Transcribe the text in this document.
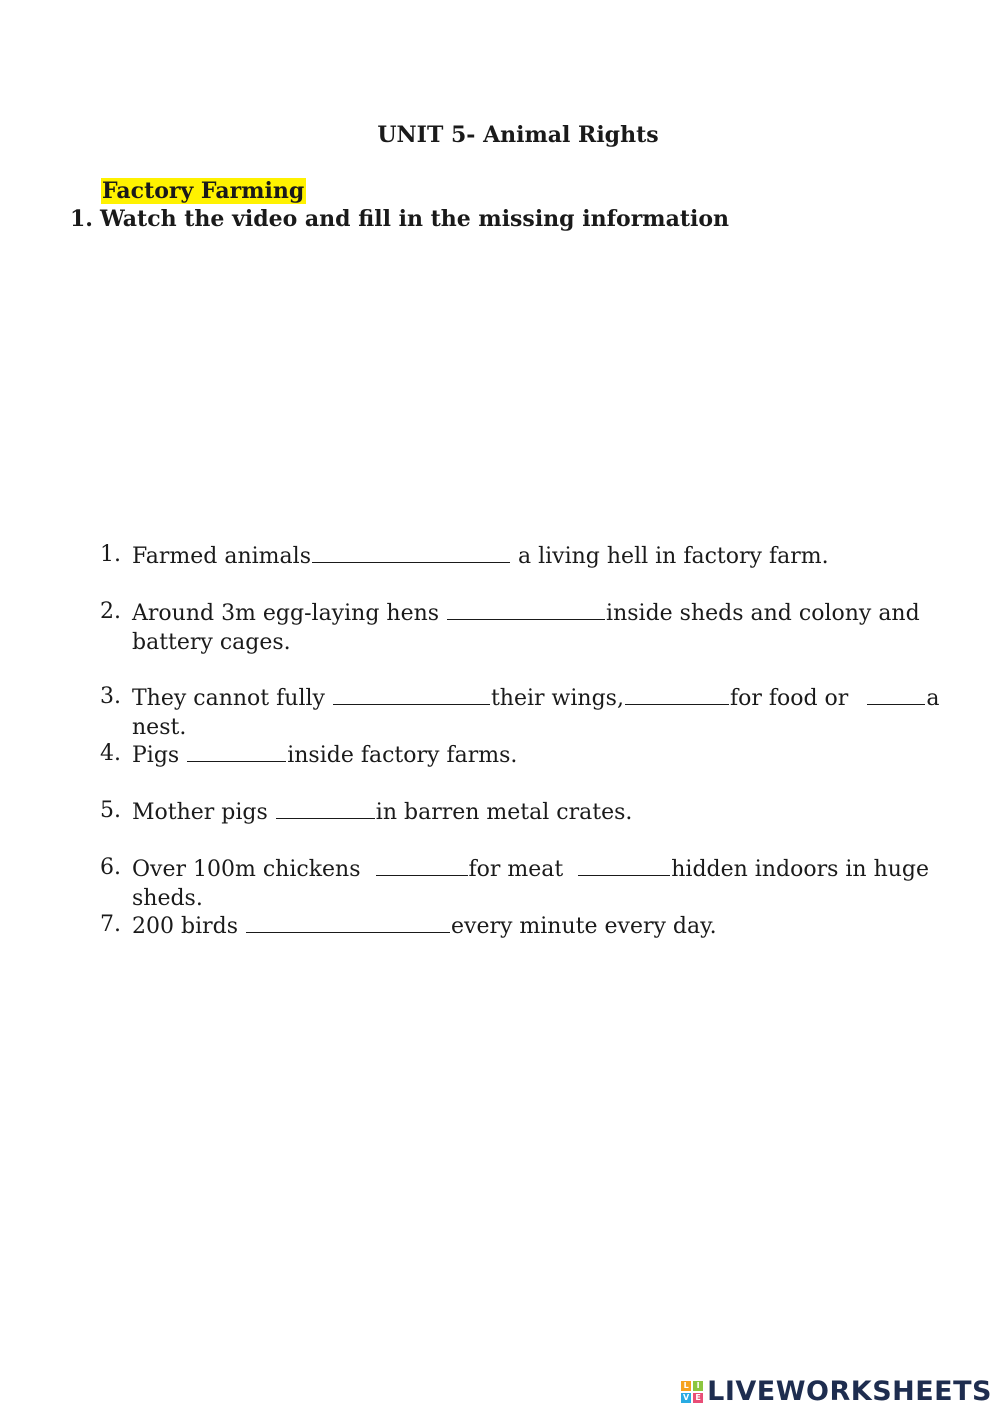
UNIT 5- Animal Rights
Factory Farming
1. Watch the video and fill in the missing information
1. Farmed animals	a living hell in factory farm.
2. Around 3m egg-laying hens	inside sheds and colony and battery cages.
3. They cannot fully	their wings,	for food or	a nest.
4. Pigs	inside factory farms.
5. Mother pigs	in barren metal crates.
6. Over 100m chickens	for meat	hidden indoors in huge sheds.
7. 200 birds	every minute every day.
L I
V E LIVEWORKSHEETS
